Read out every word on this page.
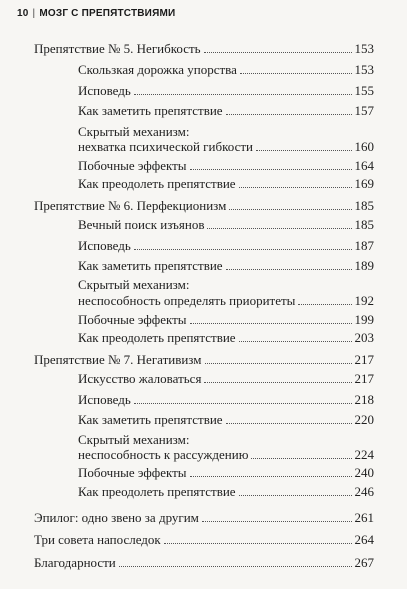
10 | МОЗГ С ПРЕПЯТСТВИЯМИ
Препятствие № 5. Негибкость	153
Скользкая дорожка упорства	153
Исповедь	155
Как заметить препятствие	157
Скрытый механизм:
нехватка психической гибкости	160
Побочные эффекты	164
Как преодолеть препятствие	169
Препятствие № 6. Перфекционизм	185
Вечный поиск изъянов	185
Исповедь	187
Как заметить препятствие	189
Скрытый механизм:
неспособность определять приоритеты	192
Побочные эффекты	199
Как преодолеть препятствие	203
Препятствие № 7. Негативизм	217
Искусство жаловаться	217
Исповедь	218
Как заметить препятствие	220
Скрытый механизм:
неспособность к рассуждению	224
Побочные эффекты	240
Как преодолеть препятствие	246
Эпилог: одно звено за другим	261
Три совета напоследок	264
Благодарности	267
